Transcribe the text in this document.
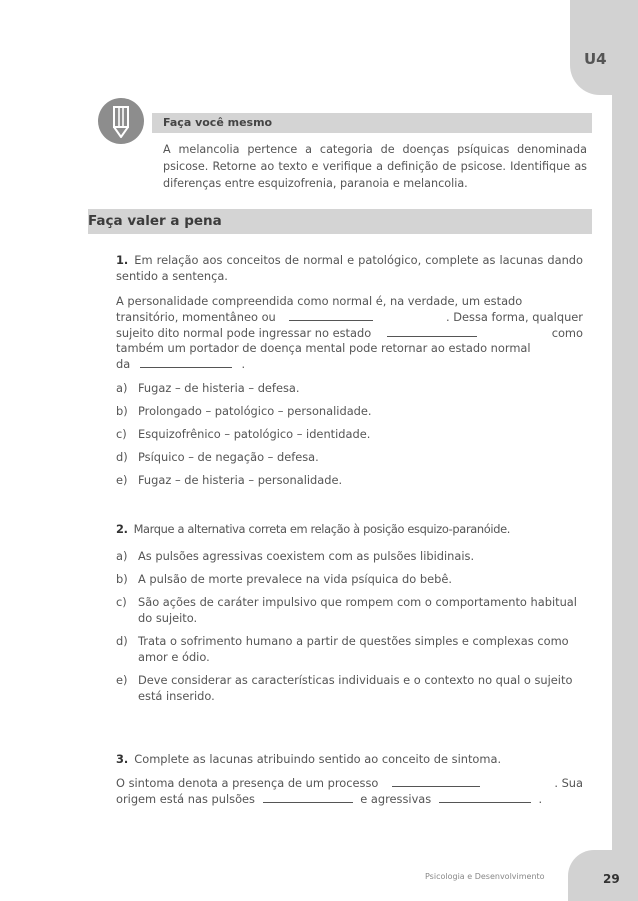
U4
29
Psicologia e Desenvolvimento
Faça você mesmo

A melancolia pertence a categoria de doenças psíquicas denominada psicose. Retorne ao texto e verifique a definição de psicose. Identifique as diferenças entre esquizofrenia, paranoia e melancolia.

Faça valer a pena

1. Em relação aos conceitos de normal e patológico, complete as lacunas dando sentido a sentença.

A personalidade compreendida como normal é, na verdade, um estado
transitório, momentâneo ou	. Dessa forma, qualquer
sujeito dito normal pode ingressar no estado	como
também um portador de doença mental pode retornar ao estado normal
da	.
a) Fugaz – de histeria – defesa.
b) Prolongado – patológico – personalidade.
c) Esquizofrênico – patológico – identidade.
d) Psíquico – de negação – defesa.
e) Fugaz – de histeria – personalidade.

2. Marque a alternativa correta em relação à posição esquizo-paranóide.

a) As pulsões agressivas coexistem com as pulsões libidinais.
b) A pulsão de morte prevalece na vida psíquica do bebê.
c) São ações de caráter impulsivo que rompem com o comportamento habitual do sujeito.
d) Trata o sofrimento humano a partir de questões simples e complexas como amor e ódio.
e) Deve considerar as características individuais e o contexto no qual o sujeito está inserido.

3. Complete as lacunas atribuindo sentido ao conceito de sintoma.

O sintoma denota a presença de um processo	. Sua
origem está nas pulsões	e agressivas	.
